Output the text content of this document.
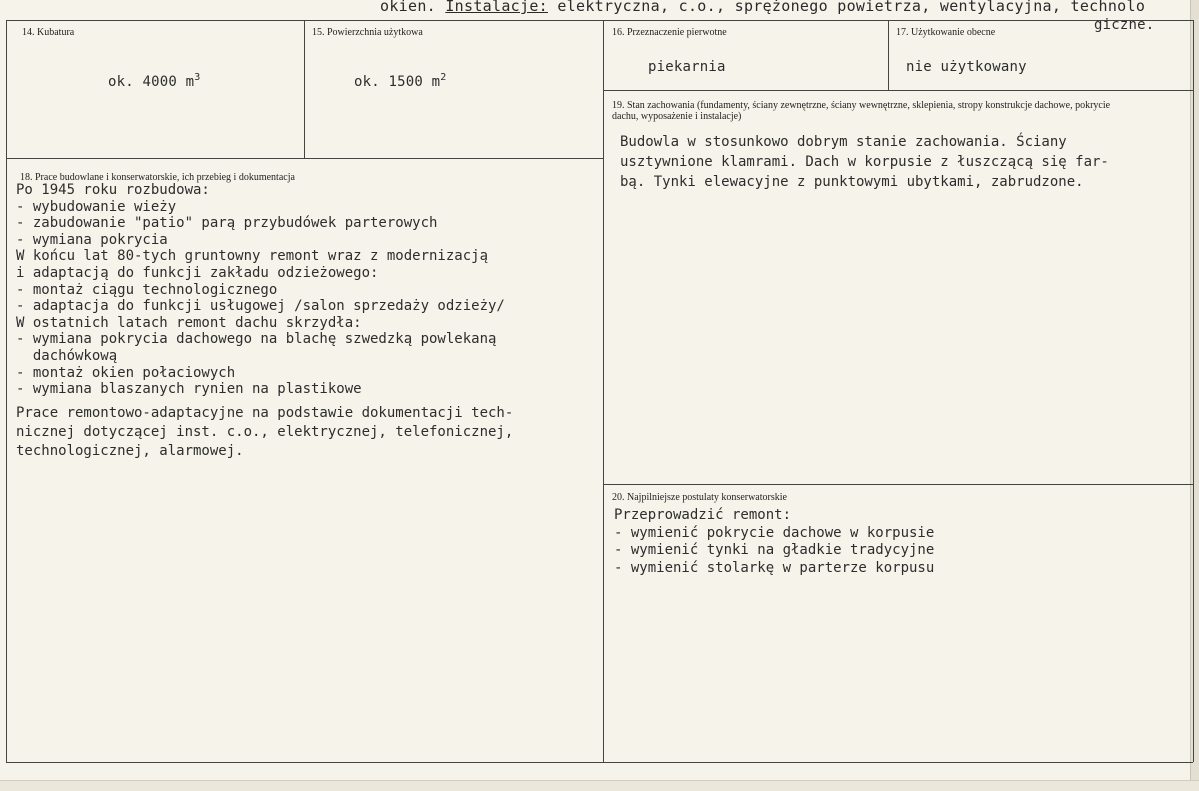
okien. Instalacje: elektryczna, c.o., sprężonego powietrza, wentylacyjna, technolo
giczne.
14. Kubatura
ok. 4000 $m^3$
15. Powierzchnia użytkowa
ok. 1500 $m^2$
16. Przeznaczenie pierwotne
piekarnia
17. Użytkowanie obecne
nie użytkowany
19. Stan zachowania (fundamenty, ściany zewnętrzne, ściany wewnętrzne, sklepienia, stropy konstrukcje dachowe, pokrycie dachu, wyposażenie i instalacje)
Budowla w stosunkowo dobrym stanie zachowania. Ściany
usztywnione klamrami. Dach w korpusie z łuszczącą się far-
bą. Tynki elewacyjne z punktowymi ubytkami, zabrudzone.
18. Prace budowlane i konserwatorskie, ich przebieg i dokumentacja
Po 1945 roku rozbudowa:
- wybudowanie wieży
- zabudowanie "patio" parą przybudówek parterowych
- wymiana pokrycia
W końcu lat 80-tych gruntowny remont wraz z modernizacją
i adaptacją do funkcji zakładu odzieżowego:
- montaż ciągu technologicznego
- adaptacja do funkcji usługowej /salon sprzedaży odzieży/
W ostatnich latach remont dachu skrzydła:
- wymiana pokrycia dachowego na blachę szwedzką powlekaną
dachówkową
- montaż okien połaciowych
- wymiana blaszanych rynien na plastikowe
Prace remontowo-adaptacyjne na podstawie dokumentacji tech-
nicznej dotyczącej inst. c.o., elektrycznej, telefonicznej,
technologicznej, alarmowej.
20. Najpilniejsze postulaty konserwatorskie
Przeprowadzić remont:
- wymienić pokrycie dachowe w korpusie
- wymienić tynki na gładkie tradycyjne
- wymienić stolarkę w parterze korpusu
